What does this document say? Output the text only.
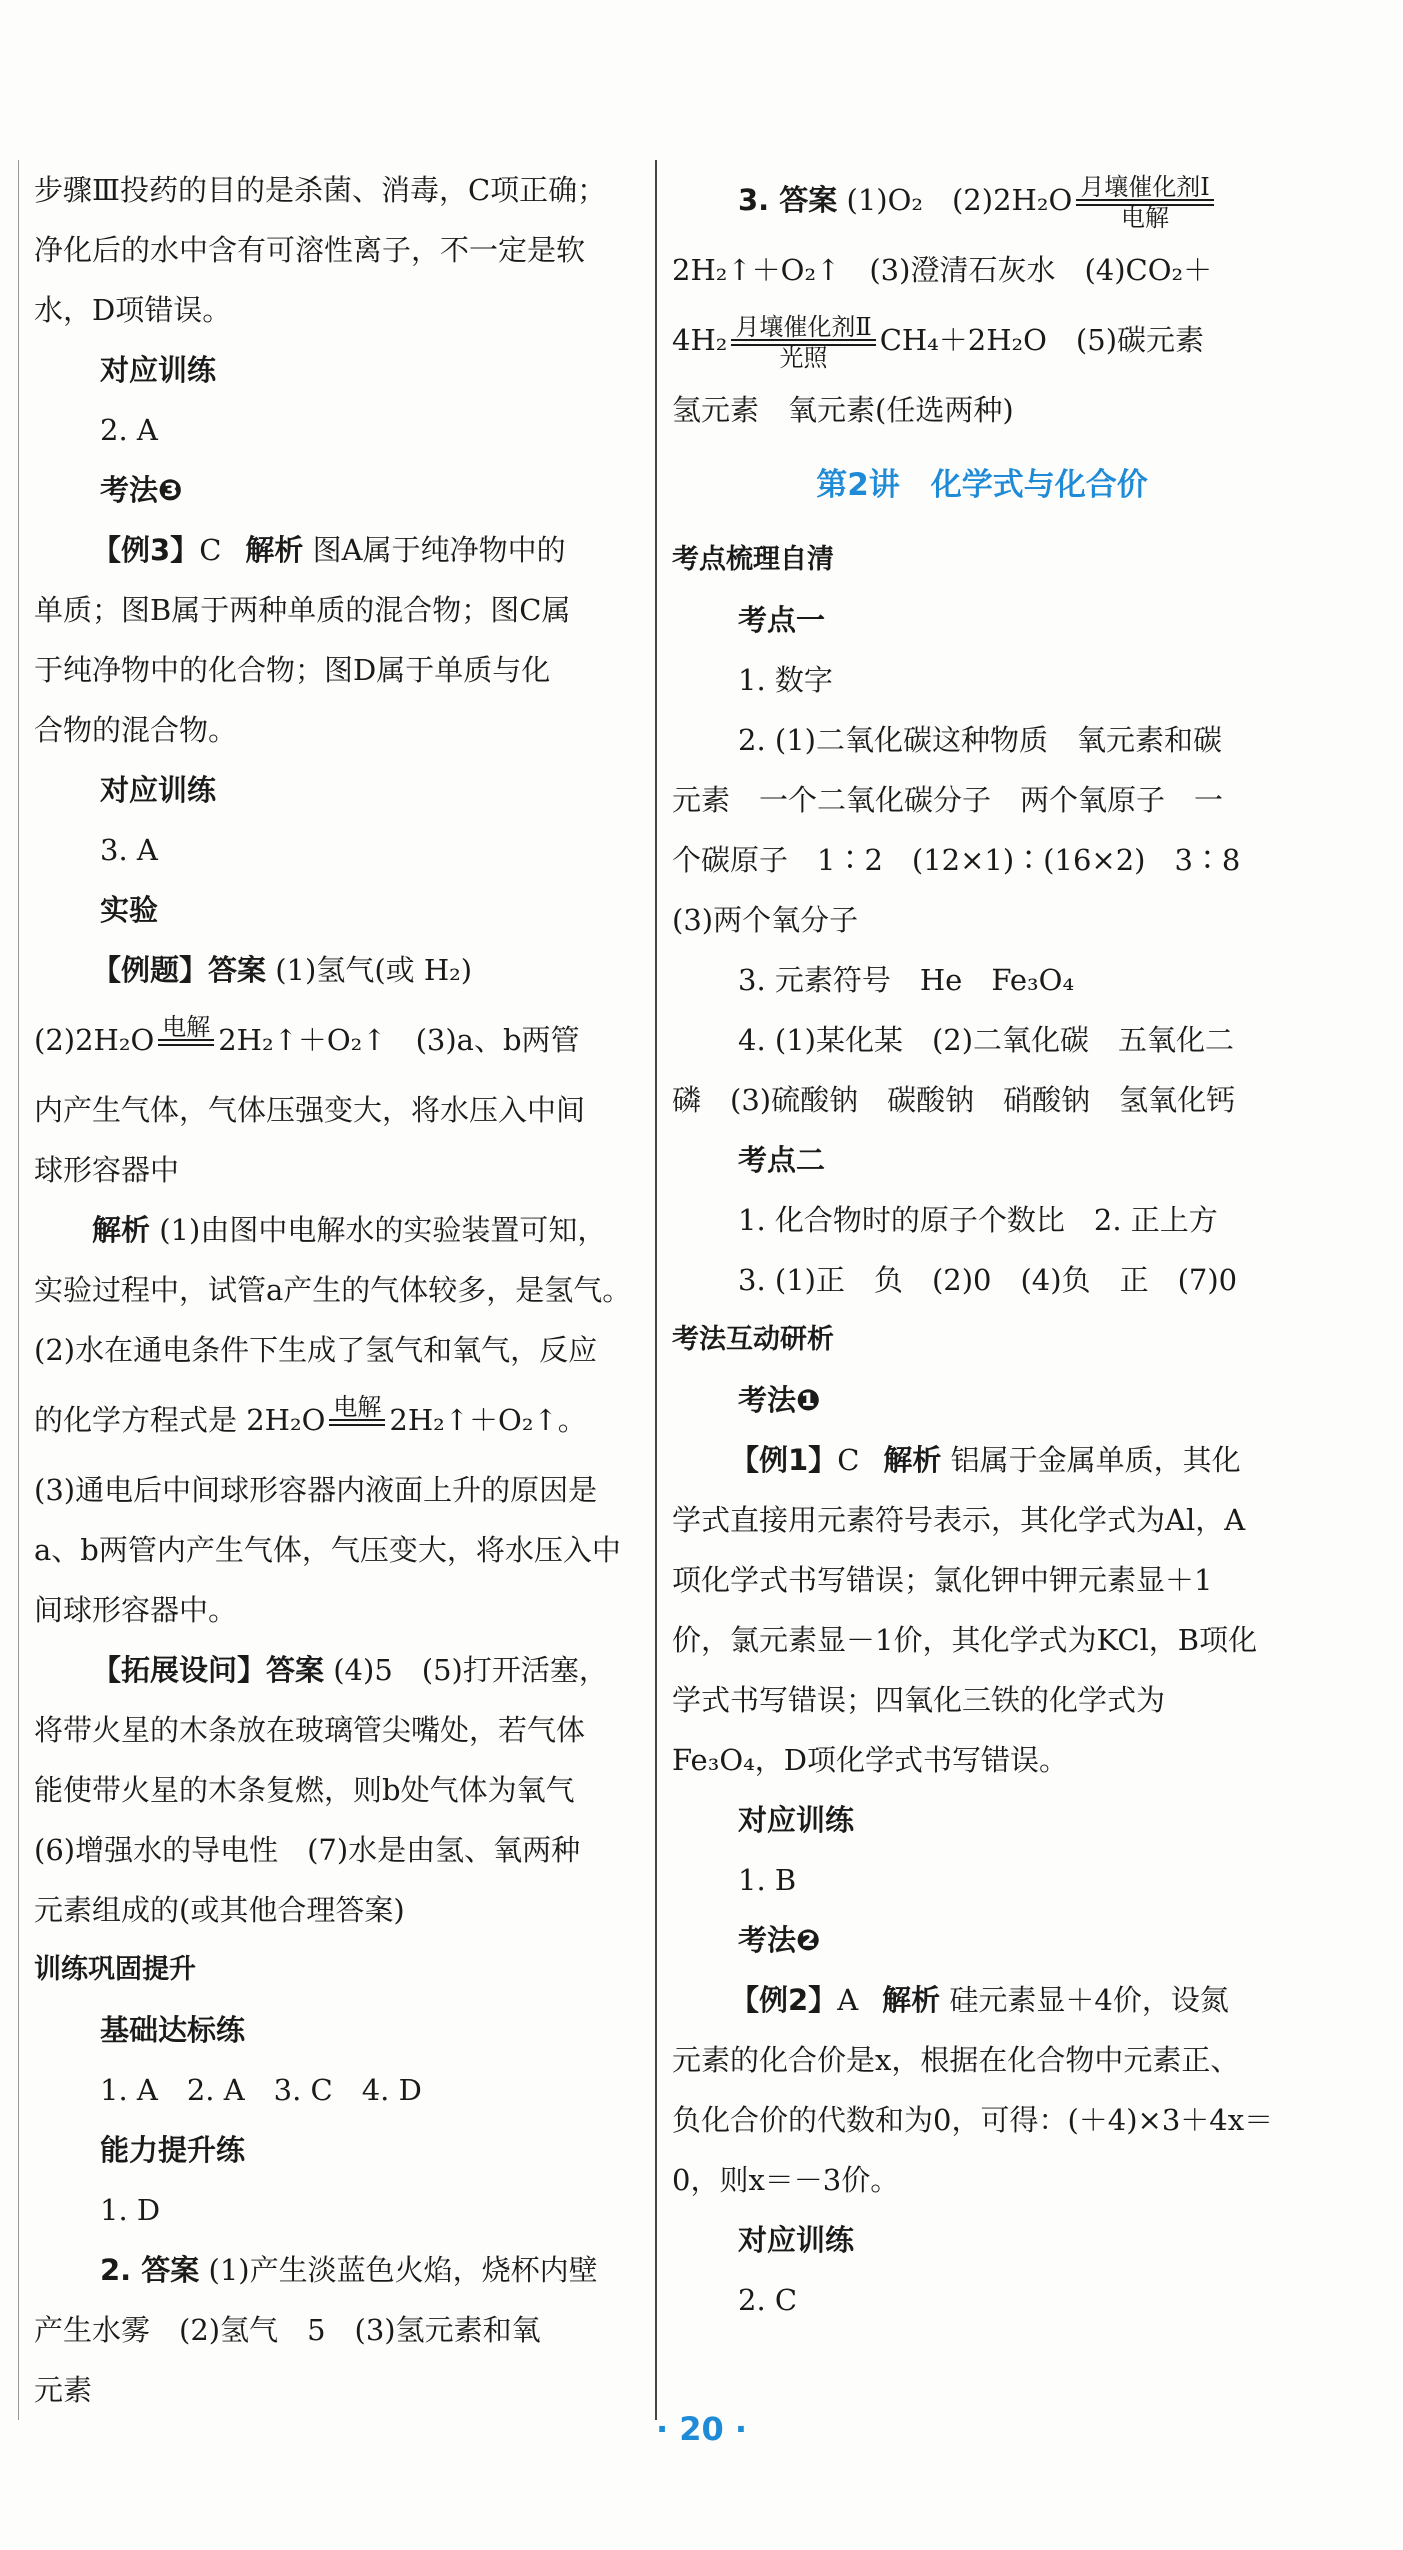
步骤Ⅲ投药的目的是杀菌、消毒，C项正确；
净化后的水中含有可溶性离子，不一定是软
水，D项错误。
对应训练
2. A
考法❸
【例3】C 解析 图A属于纯净物中的
单质；图B属于两种单质的混合物；图C属
于纯净物中的化合物；图D属于单质与化
合物的混合物。
对应训练
3. A
实验
【例题】答案 (1)氢气(或 H₂)
(2)2H₂O 电解 2H₂↑＋O₂↑　(3)a、b两管
内产生气体，气体压强变大，将水压入中间
球形容器中
解析 (1)由图中电解水的实验装置可知，
实验过程中，试管a产生的气体较多，是氢气。
(2)水在通电条件下生成了氢气和氧气，反应
的化学方程式是 2H₂O 电解 2H₂↑＋O₂↑。
(3)通电后中间球形容器内液面上升的原因是
a、b两管内产生气体，气压变大，将水压入中
间球形容器中。
【拓展设问】答案 (4)5　(5)打开活塞，
将带火星的木条放在玻璃管尖嘴处，若气体
能使带火星的木条复燃，则b处气体为氧气
(6)增强水的导电性　(7)水是由氢、氧两种
元素组成的(或其他合理答案)
训练巩固提升
基础达标练
1. A　2. A　3. C　4. D
能力提升练
1. D
2. 答案 (1)产生淡蓝色火焰，烧杯内壁
产生水雾　(2)氢气　5　(3)氢元素和氧
元素
3. 答案 (1)O₂　(2)2H₂O 月壤催化剂Ⅰ
电解
2H₂↑＋O₂↑　(3)澄清石灰水　(4)CO₂＋
4H₂ 月壤催化剂Ⅱ
光照
CH₄＋2H₂O　(5)碳元素
氢元素　氧元素(任选两种)
第2讲　化学式与化合价
考点梳理自清
考点一
1. 数字
2. (1)二氧化碳这种物质　氧元素和碳
元素　一个二氧化碳分子　两个氧原子　一
个碳原子　1∶2　(12×1)∶(16×2)　3∶8
(3)两个氧分子
3. 元素符号　He　Fe₃O₄
4. (1)某化某　(2)二氧化碳　五氧化二
磷　(3)硫酸钠　碳酸钠　硝酸钠　氢氧化钙
考点二
1. 化合物时的原子个数比　2. 正上方
3. (1)正　负　(2)0　(4)负　正　(7)0
考法互动研析
考法❶
【例1】C 解析 铝属于金属单质，其化
学式直接用元素符号表示，其化学式为Al，A
项化学式书写错误；氯化钾中钾元素显＋1
价，氯元素显－1价，其化学式为KCl，B项化
学式书写错误；四氧化三铁的化学式为
Fe₃O₄，D项化学式书写错误。
对应训练
1. B
考法❷
【例2】A 解析 硅元素显＋4价，设氮
元素的化合价是x，根据在化合物中元素正、
负化合价的代数和为0，可得：(＋4)×3＋4x＝
0，则x＝－3价。
对应训练
2. C
· 20 ·
